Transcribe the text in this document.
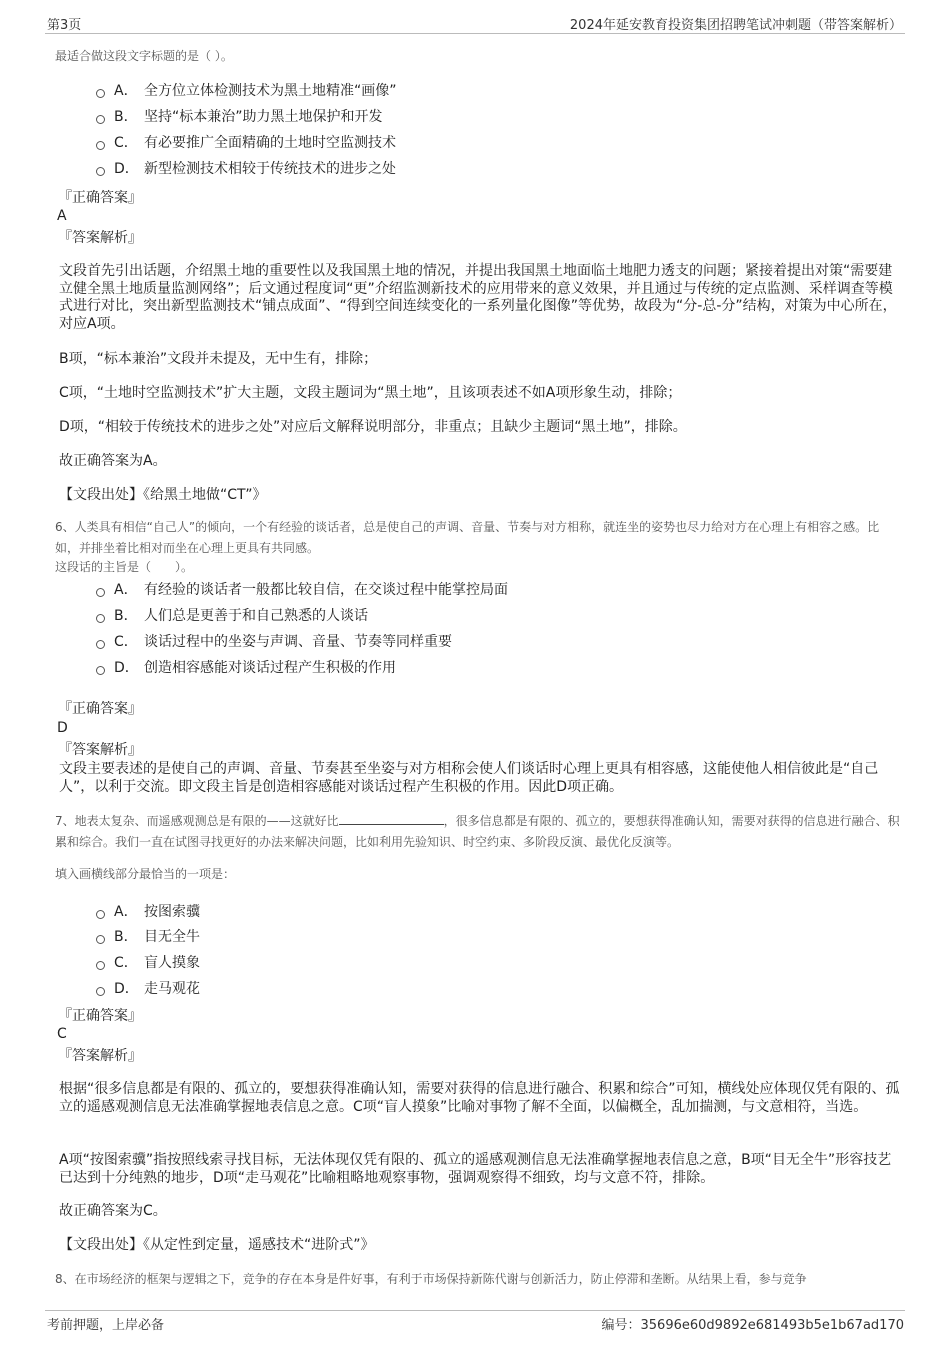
第3页	2024年延安教育投资集团招聘笔试冲刺题（带答案解析）
最适合做这段文字标题的是（ ）。
A． 全方位立体检测技术为黑土地精准“画像”
B． 坚持“标本兼治”助力黑土地保护和开发
C． 有必要推广全面精确的土地时空监测技术
D． 新型检测技术相较于传统技术的进步之处
『正确答案』
A
『答案解析』
文段首先引出话题，介绍黑土地的重要性以及我国黑土地的情况，并提出我国黑土地面临土地肥力透支的问题；紧接着提出对策“需要建立健全黑土地质量监测网络”；后文通过程度词“更”介绍监测新技术的应用带来的意义效果，并且通过与传统的定点监测、采样调查等模式进行对比，突出新型监测技术“铺点成面”、“得到空间连续变化的一系列量化图像”等优势，故段为“分-总-分”结构，对策为中心所在，对应A项。
B项，“标本兼治”文段并未提及，无中生有，排除；
C项，“土地时空监测技术”扩大主题，文段主题词为“黑土地”，且该项表述不如A项形象生动，排除；
D项，“相较于传统技术的进步之处”对应后文解释说明部分，非重点；且缺少主题词“黑土地”，排除。
故正确答案为A。
【文段出处】《给黑土地做“CT”》
6、人类具有相信“自己人”的倾向，一个有经验的谈话者，总是使自己的声调、音量、节奏与对方相称，就连坐的姿势也尽力给对方在心理上有相容之感。比如，并排坐着比相对而坐在心理上更具有共同感。
这段话的主旨是（　　）。
A． 有经验的谈话者一般都比较自信，在交谈过程中能掌控局面
B． 人们总是更善于和自己熟悉的人谈话
C． 谈话过程中的坐姿与声调、音量、节奏等同样重要
D． 创造相容感能对谈话过程产生积极的作用
『正确答案』
D
『答案解析』
文段主要表述的是使自己的声调、音量、节奏甚至坐姿与对方相称会使人们谈话时心理上更具有相容感，这能使他人相信彼此是“自己人”，以利于交流。即文段主旨是创造相容感能对谈话过程产生积极的作用。因此D项正确。
7、地表太复杂、而遥感观测总是有限的——这就好比	，很多信息都是有限的、孤立的，要想获得准确认知，需要对获得的信息进行融合、积累和综合。我们一直在试图寻找更好的办法来解决问题，比如利用先验知识、时空约束、多阶段反演、最优化反演等。
填入画横线部分最恰当的一项是：
A． 按图索骥
B． 目无全牛
C． 盲人摸象
D． 走马观花
『正确答案』
C
『答案解析』
根据“很多信息都是有限的、孤立的，要想获得准确认知，需要对获得的信息进行融合、积累和综合”可知，横线处应体现仅凭有限的、孤立的遥感观测信息无法准确掌握地表信息之意。C项“盲人摸象”比喻对事物了解不全面，以偏概全，乱加揣测，与文意相符，当选。
A项“按图索骥”指按照线索寻找目标，无法体现仅凭有限的、孤立的遥感观测信息无法准确掌握地表信息之意，B项“目无全牛”形容技艺已达到十分纯熟的地步，D项“走马观花”比喻粗略地观察事物，强调观察得不细致，均与文意不符，排除。
故正确答案为C。
【文段出处】《从定性到定量，遥感技术“进阶式”》
8、在市场经济的框架与逻辑之下，竞争的存在本身是件好事，有利于市场保持新陈代谢与创新活力，防止停滞和垄断。从结果上看，参与竞争
考前押题，上岸必备	编号：35696e60d9892e681493b5e1b67ad170
